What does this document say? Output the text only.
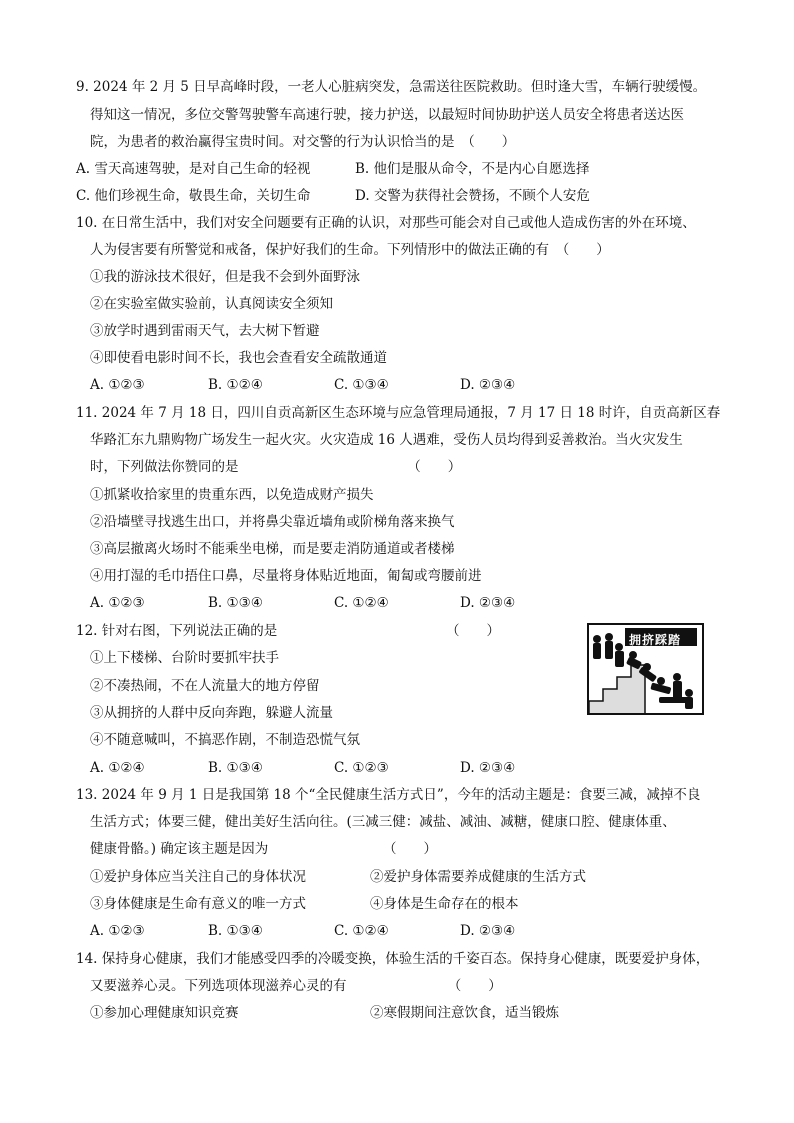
9. 2024 年 2 月 5 日早高峰时段，一老人心脏病突发，急需送往医院救助。但时逢大雪，车辆行驶缓慢。
得知这一情况，多位交警驾驶警车高速行驶，接力护送，以最短时间协助护送人员安全将患者送达医
院，为患者的救治赢得宝贵时间。对交警的行为认识恰当的是　（　　）
A. 雪天高速驾驶，是对自己生命的轻视	B. 他们是服从命令，不是内心自愿选择
C. 他们珍视生命，敬畏生命，关切生命	D. 交警为获得社会赞扬，不顾个人安危
10. 在日常生活中，我们对安全问题要有正确的认识，对那些可能会对自己或他人造成伤害的外在环境、
人为侵害要有所警觉和戒备，保护好我们的生命。下列情形中的做法正确的有　（　　）
①我的游泳技术很好，但是我不会到外面野泳
②在实验室做实验前，认真阅读安全须知
③放学时遇到雷雨天气，去大树下暂避
④即使看电影时间不长，我也会查看安全疏散通道
A. ①②③	B. ①②④	C. ①③④	D. ②③④
11. 2024 年 7 月 18 日，四川自贡高新区生态环境与应急管理局通报，7 月 17 日 18 时许，自贡高新区春
华路汇东九鼎购物广场发生一起火灾。火灾造成 16 人遇难，受伤人员均得到妥善救治。当火灾发生
时，下列做法你赞同的是　　　　　　　　　　　　　（　　）
①抓紧收拾家里的贵重东西，以免造成财产损失
②沿墙壁寻找逃生出口，并将鼻尖靠近墙角或阶梯角落来换气
③高层撤离火场时不能乘坐电梯，而是要走消防通道或者楼梯
④用打湿的毛巾捂住口鼻，尽量将身体贴近地面，匍匐或弯腰前进
A. ①②③	B. ①③④	C. ①②④	D. ②③④
12. 针对右图，下列说法正确的是　　　　　　　　　　　　　（　　）
①上下楼梯、台阶时要抓牢扶手
②不凑热闹，不在人流量大的地方停留
③从拥挤的人群中反向奔跑，躲避人流量
④不随意喊叫，不搞恶作剧，不制造恐慌气氛
A. ①②④	B. ①③④	C. ①②③	D. ②③④
拥挤踩踏
13. 2024 年 9 月 1 日是我国第 18 个“全民健康生活方式日”，今年的活动主题是：食要三减，减掉不良
生活方式；体要三健，健出美好生活向往。(三减三健：减盐、减油、减糖，健康口腔、健康体重、
健康骨骼。) 确定该主题是因为　　　　　　　　　（　　）
①爱护身体应当关注自己的身体状况	②爱护身体需要养成健康的生活方式
③身体健康是生命有意义的唯一方式	④身体是生命存在的根本
A. ①②③	B. ①③④	C. ①②④	D. ②③④
14. 保持身心健康，我们才能感受四季的冷暖变换，体验生活的千姿百态。保持身心健康，既要爱护身体，
又要滋养心灵。下列选项体现滋养心灵的有　　　　　　　　（　　）
①参加心理健康知识竞赛	②寒假期间注意饮食，适当锻炼
